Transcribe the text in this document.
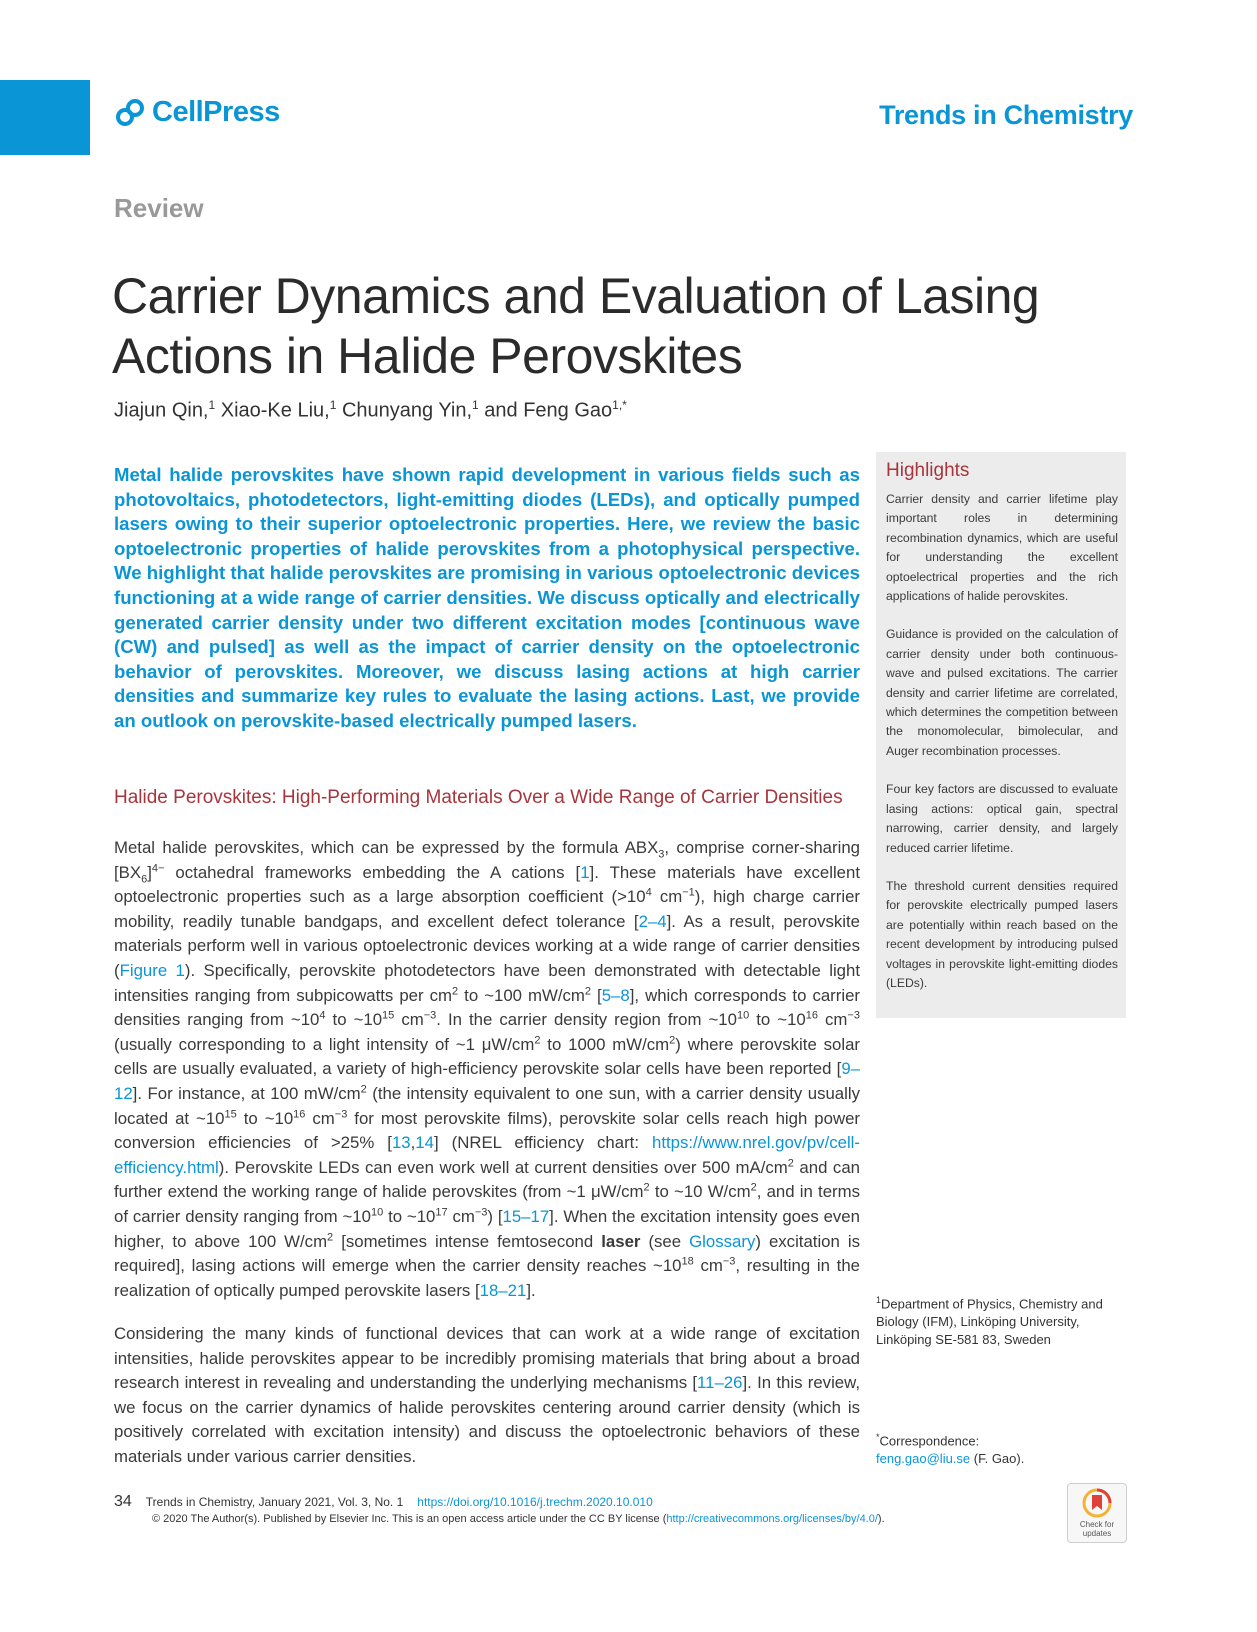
CellPress	Trends in Chemistry
Review
Carrier Dynamics and Evaluation of Lasing Actions in Halide Perovskites
Jiajun Qin,$^1$ Xiao-Ke Liu,$^1$ Chunyang Yin,$^1$ and Feng Gao$^{1,*}$

Metal halide perovskites have shown rapid development in various fields such as photovoltaics, photodetectors, light-emitting diodes (LEDs), and optically pumped lasers owing to their superior optoelectronic properties. Here, we review the basic optoelectronic properties of halide perovskites from a photophysical perspective. We highlight that halide perovskites are promising in various optoelectronic devices functioning at a wide range of carrier densities. We discuss optically and electrically generated carrier density under two different excitation modes [continuous wave (CW) and pulsed] as well as the impact of carrier density on the optoelectronic behavior of perovskites. Moreover, we discuss lasing actions at high carrier densities and summarize key rules to evaluate the lasing actions. Last, we provide an outlook on perovskite-based electrically pumped lasers.

Halide Perovskites: High-Performing Materials Over a Wide Range of Carrier Densities

Metal halide perovskites, which can be expressed by the formula $ABX_3$, comprise corner-sharing $[BX_6]^{4-}$ octahedral frameworks embedding the A cations [1]. These materials have excellent optoelectronic properties such as a large absorption coefficient ($>10^4$ $cm^{-1}$), high charge carrier mobility, readily tunable bandgaps, and excellent defect tolerance [2–4]. As a result, perovskite materials perform well in various optoelectronic devices working at a wide range of carrier densities (Figure 1). Specifically, perovskite photodetectors have been demonstrated with detectable light intensities ranging from subpicowatts per $cm^2$ to ~100 $mW/cm^2$ [5–8], which corresponds to carrier densities ranging from $\sim 10^4$ to $\sim 10^{15}$ $cm^{-3}$. In the carrier density region from $\sim 10^{10}$ to $\sim 10^{16}$ $cm^{-3}$ (usually corresponding to a light intensity of ~1 $\mu W/cm^2$ to 1000 $mW/cm^2$) where perovskite solar cells are usually evaluated, a variety of high-efficiency perovskite solar cells have been reported [9–12]. For instance, at 100 $mW/cm^2$ (the intensity equivalent to one sun, with a carrier density usually located at $\sim 10^{15}$ to $\sim 10^{16}$ $cm^{-3}$ for most perovskite films), perovskite solar cells reach high power conversion efficiencies of >25% [13,14] (NREL efficiency chart: https://www.nrel.gov/pv/cell-efficiency.html). Perovskite LEDs can even work well at current densities over 500 $mA/cm^2$ and can further extend the working range of halide perovskites (from ~1 $\mu W/cm^2$ to ~10 $W/cm^2$, and in terms of carrier density ranging from $\sim 10^{10}$ to $\sim 10^{17}$ $cm^{-3}$) [15–17]. When the excitation intensity goes even higher, to above 100 $W/cm^2$ [sometimes intense femtosecond laser (see Glossary) excitation is required], lasing actions will emerge when the carrier density reaches $\sim 10^{18}$ $cm^{-3}$, resulting in the realization of optically pumped perovskite lasers [18–21].

Considering the many kinds of functional devices that can work at a wide range of excitation intensities, halide perovskites appear to be incredibly promising materials that bring about a broad research interest in revealing and understanding the underlying mechanisms [11–26]. In this review, we focus on the carrier dynamics of halide perovskites centering around carrier density (which is positively correlated with excitation intensity) and discuss the optoelectronic behaviors of these materials under various carrier densities.

Highlights
Carrier density and carrier lifetime play important roles in determining recombination dynamics, which are useful for understanding the excellent optoelectrical properties and the rich applications of halide perovskites.
Guidance is provided on the calculation of carrier density under both continuous-wave and pulsed excitations. The carrier density and carrier lifetime are correlated, which determines the competition between the monomolecular, bimolecular, and Auger recombination processes.
Four key factors are discussed to evaluate lasing actions: optical gain, spectral narrowing, carrier density, and largely reduced carrier lifetime.
The threshold current densities required for perovskite electrically pumped lasers are potentially within reach based on the recent development by introducing pulsed voltages in perovskite light-emitting diodes (LEDs).
$^1$Department of Physics, Chemistry and Biology (IFM), Linköping University, Linköping SE-581 83, Sweden
*Correspondence:
feng.gao@liu.se (F. Gao).
34 Trends in Chemistry, January 2021, Vol. 3, No. 1 https://doi.org/10.1016/j.trechm.2020.10.010
© 2020 The Author(s). Published by Elsevier Inc. This is an open access article under the CC BY license (http://creativecommons.org/licenses/by/4.0/).	Check for
updates
